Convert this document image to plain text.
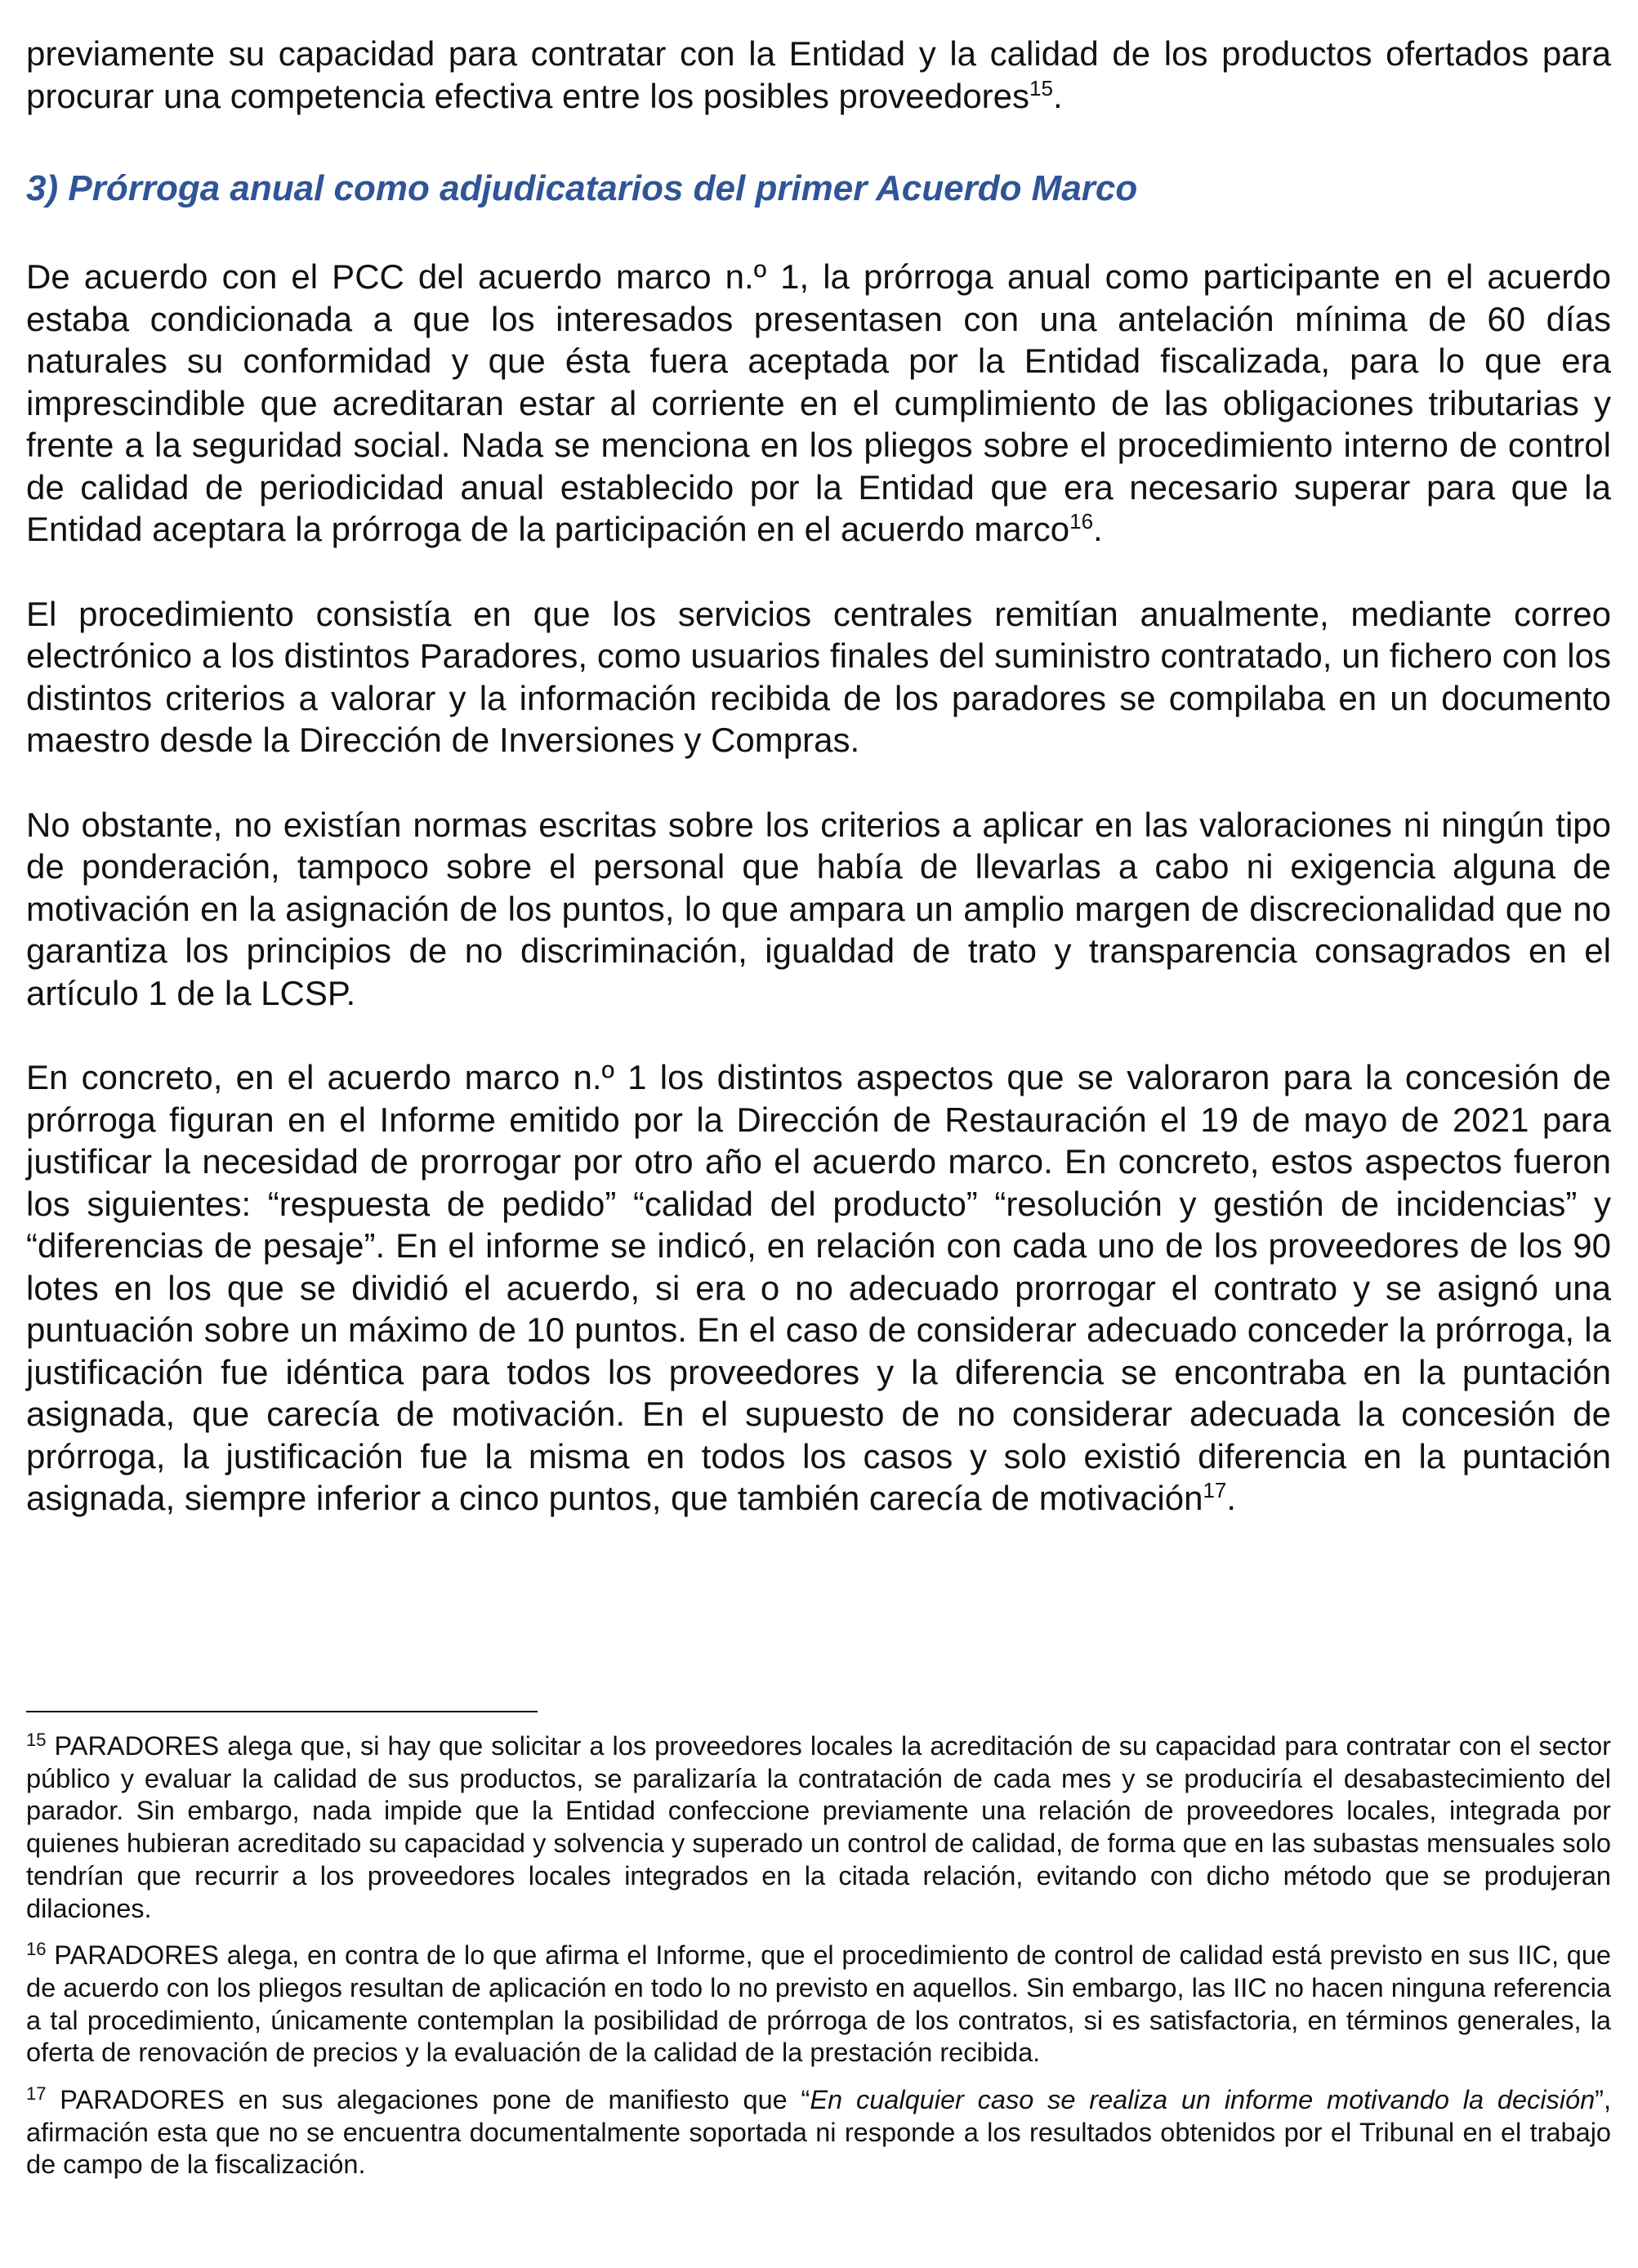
previamente su capacidad para contratar con la Entidad y la calidad de los productos ofertados para procurar una competencia efectiva entre los posibles proveedores$^{15}$.

3) Prórroga anual como adjudicatarios del primer Acuerdo Marco

De acuerdo con el PCC del acuerdo marco n.º 1, la prórroga anual como participante en el acuerdo estaba condicionada a que los interesados presentasen con una antelación mínima de 60 días naturales su conformidad y que ésta fuera aceptada por la Entidad fiscalizada, para lo que era imprescindible que acreditaran estar al corriente en el cumplimiento de las obligaciones tributarias y frente a la seguridad social. Nada se menciona en los pliegos sobre el procedimiento interno de control de calidad de periodicidad anual establecido por la Entidad que era necesario superar para que la Entidad aceptara la prórroga de la participación en el acuerdo marco$^{16}$.

El procedimiento consistía en que los servicios centrales remitían anualmente, mediante correo electrónico a los distintos Paradores, como usuarios finales del suministro contratado, un fichero con los distintos criterios a valorar y la información recibida de los paradores se compilaba en un documento maestro desde la Dirección de Inversiones y Compras.

No obstante, no existían normas escritas sobre los criterios a aplicar en las valoraciones ni ningún tipo de ponderación, tampoco sobre el personal que había de llevarlas a cabo ni exigencia alguna de motivación en la asignación de los puntos, lo que ampara un amplio margen de discrecionalidad que no garantiza los principios de no discriminación, igualdad de trato y transparencia consagrados en el artículo 1 de la LCSP.

En concreto, en el acuerdo marco n.º 1 los distintos aspectos que se valoraron para la concesión de prórroga figuran en el Informe emitido por la Dirección de Restauración el 19 de mayo de 2021 para justificar la necesidad de prorrogar por otro año el acuerdo marco. En concreto, estos aspectos fueron los siguientes: “respuesta de pedido” “calidad del producto” “resolución y gestión de incidencias” y “diferencias de pesaje”. En el informe se indicó, en relación con cada uno de los proveedores de los 90 lotes en los que se dividió el acuerdo, si era o no adecuado prorrogar el contrato y se asignó una puntuación sobre un máximo de 10 puntos. En el caso de considerar adecuado conceder la prórroga, la justificación fue idéntica para todos los proveedores y la diferencia se encontraba en la puntación asignada, que carecía de motivación. En el supuesto de no considerar adecuada la concesión de prórroga, la justificación fue la misma en todos los casos y solo existió diferencia en la puntación asignada, siempre inferior a cinco puntos, que también carecía de motivación$^{17}$.

$^{15}$ PARADORES alega que, si hay que solicitar a los proveedores locales la acreditación de su capacidad para contratar con el sector público y evaluar la calidad de sus productos, se paralizaría la contratación de cada mes y se produciría el desabastecimiento del parador. Sin embargo, nada impide que la Entidad confeccione previamente una relación de proveedores locales, integrada por quienes hubieran acreditado su capacidad y solvencia y superado un control de calidad, de forma que en las subastas mensuales solo tendrían que recurrir a los proveedores locales integrados en la citada relación, evitando con dicho método que se produjeran dilaciones.

$^{16}$ PARADORES alega, en contra de lo que afirma el Informe, que el procedimiento de control de calidad está previsto en sus IIC, que de acuerdo con los pliegos resultan de aplicación en todo lo no previsto en aquellos. Sin embargo, las IIC no hacen ninguna referencia a tal procedimiento, únicamente contemplan la posibilidad de prórroga de los contratos, si es satisfactoria, en términos generales, la oferta de renovación de precios y la evaluación de la calidad de la prestación recibida.

$^{17}$ PARADORES en sus alegaciones pone de manifiesto que “En cualquier caso se realiza un informe motivando la decisión”, afirmación esta que no se encuentra documentalmente soportada ni responde a los resultados obtenidos por el Tribunal en el trabajo de campo de la fiscalización.
